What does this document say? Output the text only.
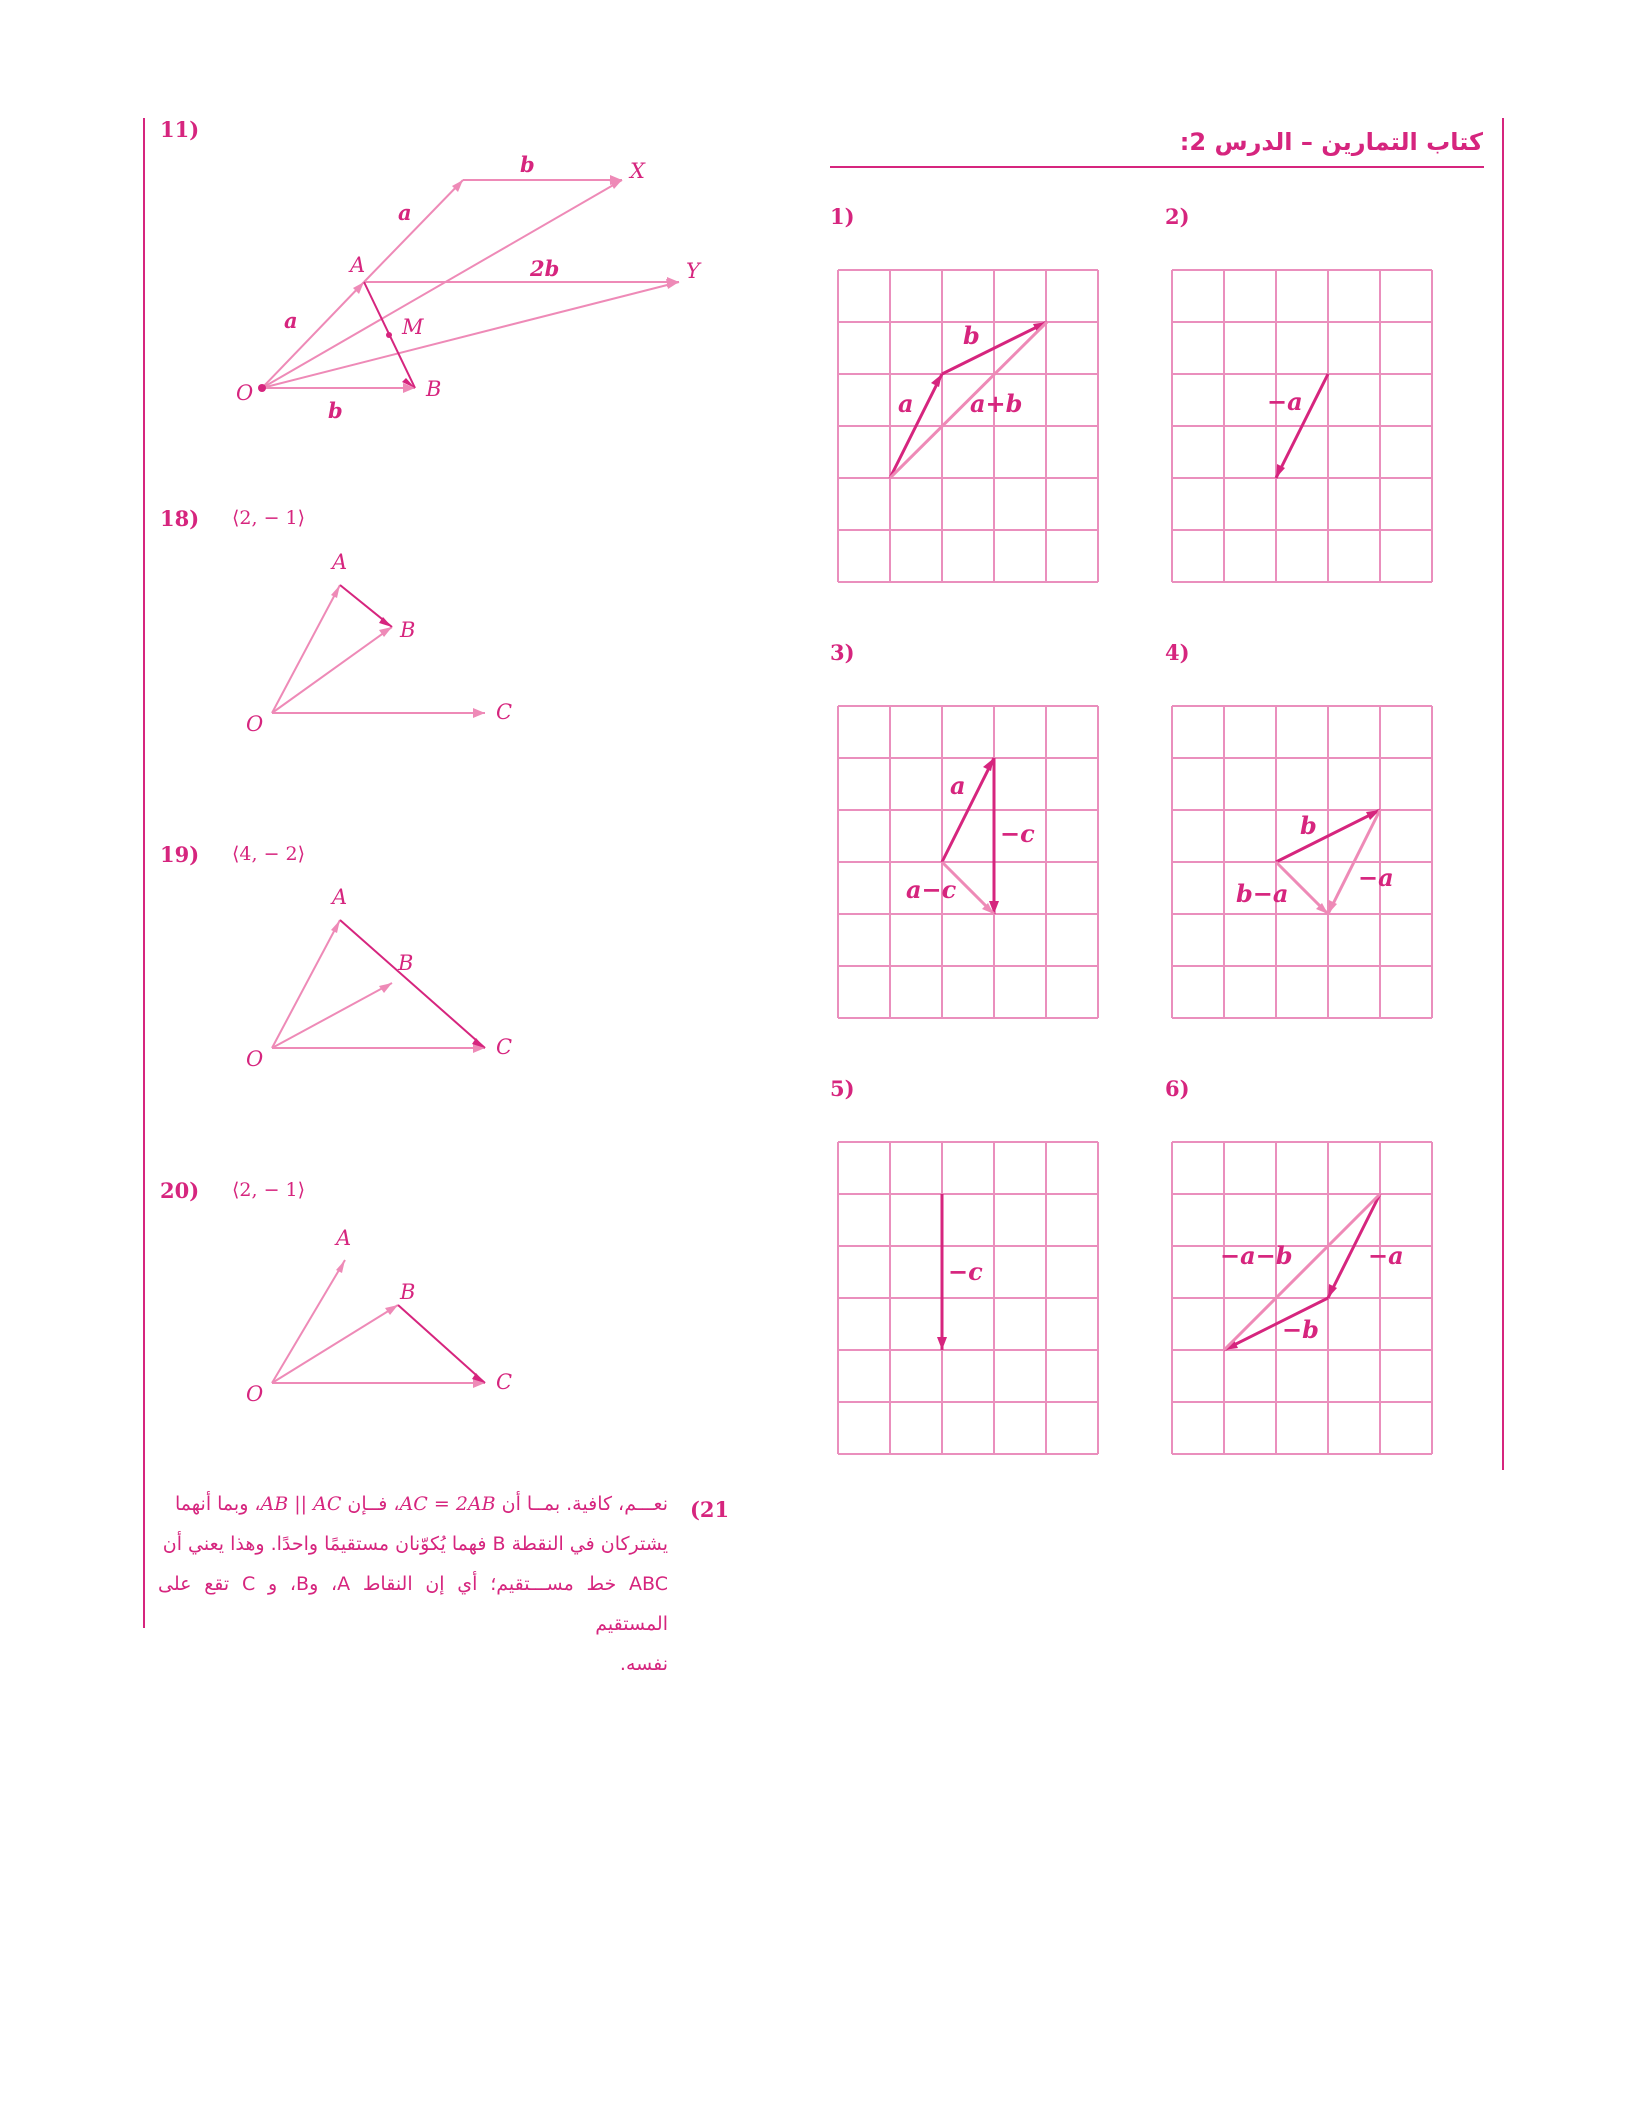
كتاب التمارين – الدرس 2:
1)	2)
3)	4)
5)	6)
b
a a+b	−a
a
−c
a−c
b
−a
b−a
−c
−a−b	−a
−b
11)
b	X
a
A	2b	Y
a	M
O	B
b
18) ⟨2, − 1⟩
A
B
O	C
19) ⟨4, − 2⟩
A
B
O	C
20) ⟨2, − 1⟩
A
B
O	C
(21
نعـــم، كافية. بمــا أن AC = 2AB، فــإن AB || AC، وبما أنهما
يشتركان في النقطة B فهما يُكوّنان مستقيمًا واحدًا. وهذا يعني أن
ABC خط مســـتقيم؛ أي إن النقاط A، وB، و C تقع على المستقيم
نفسه.
